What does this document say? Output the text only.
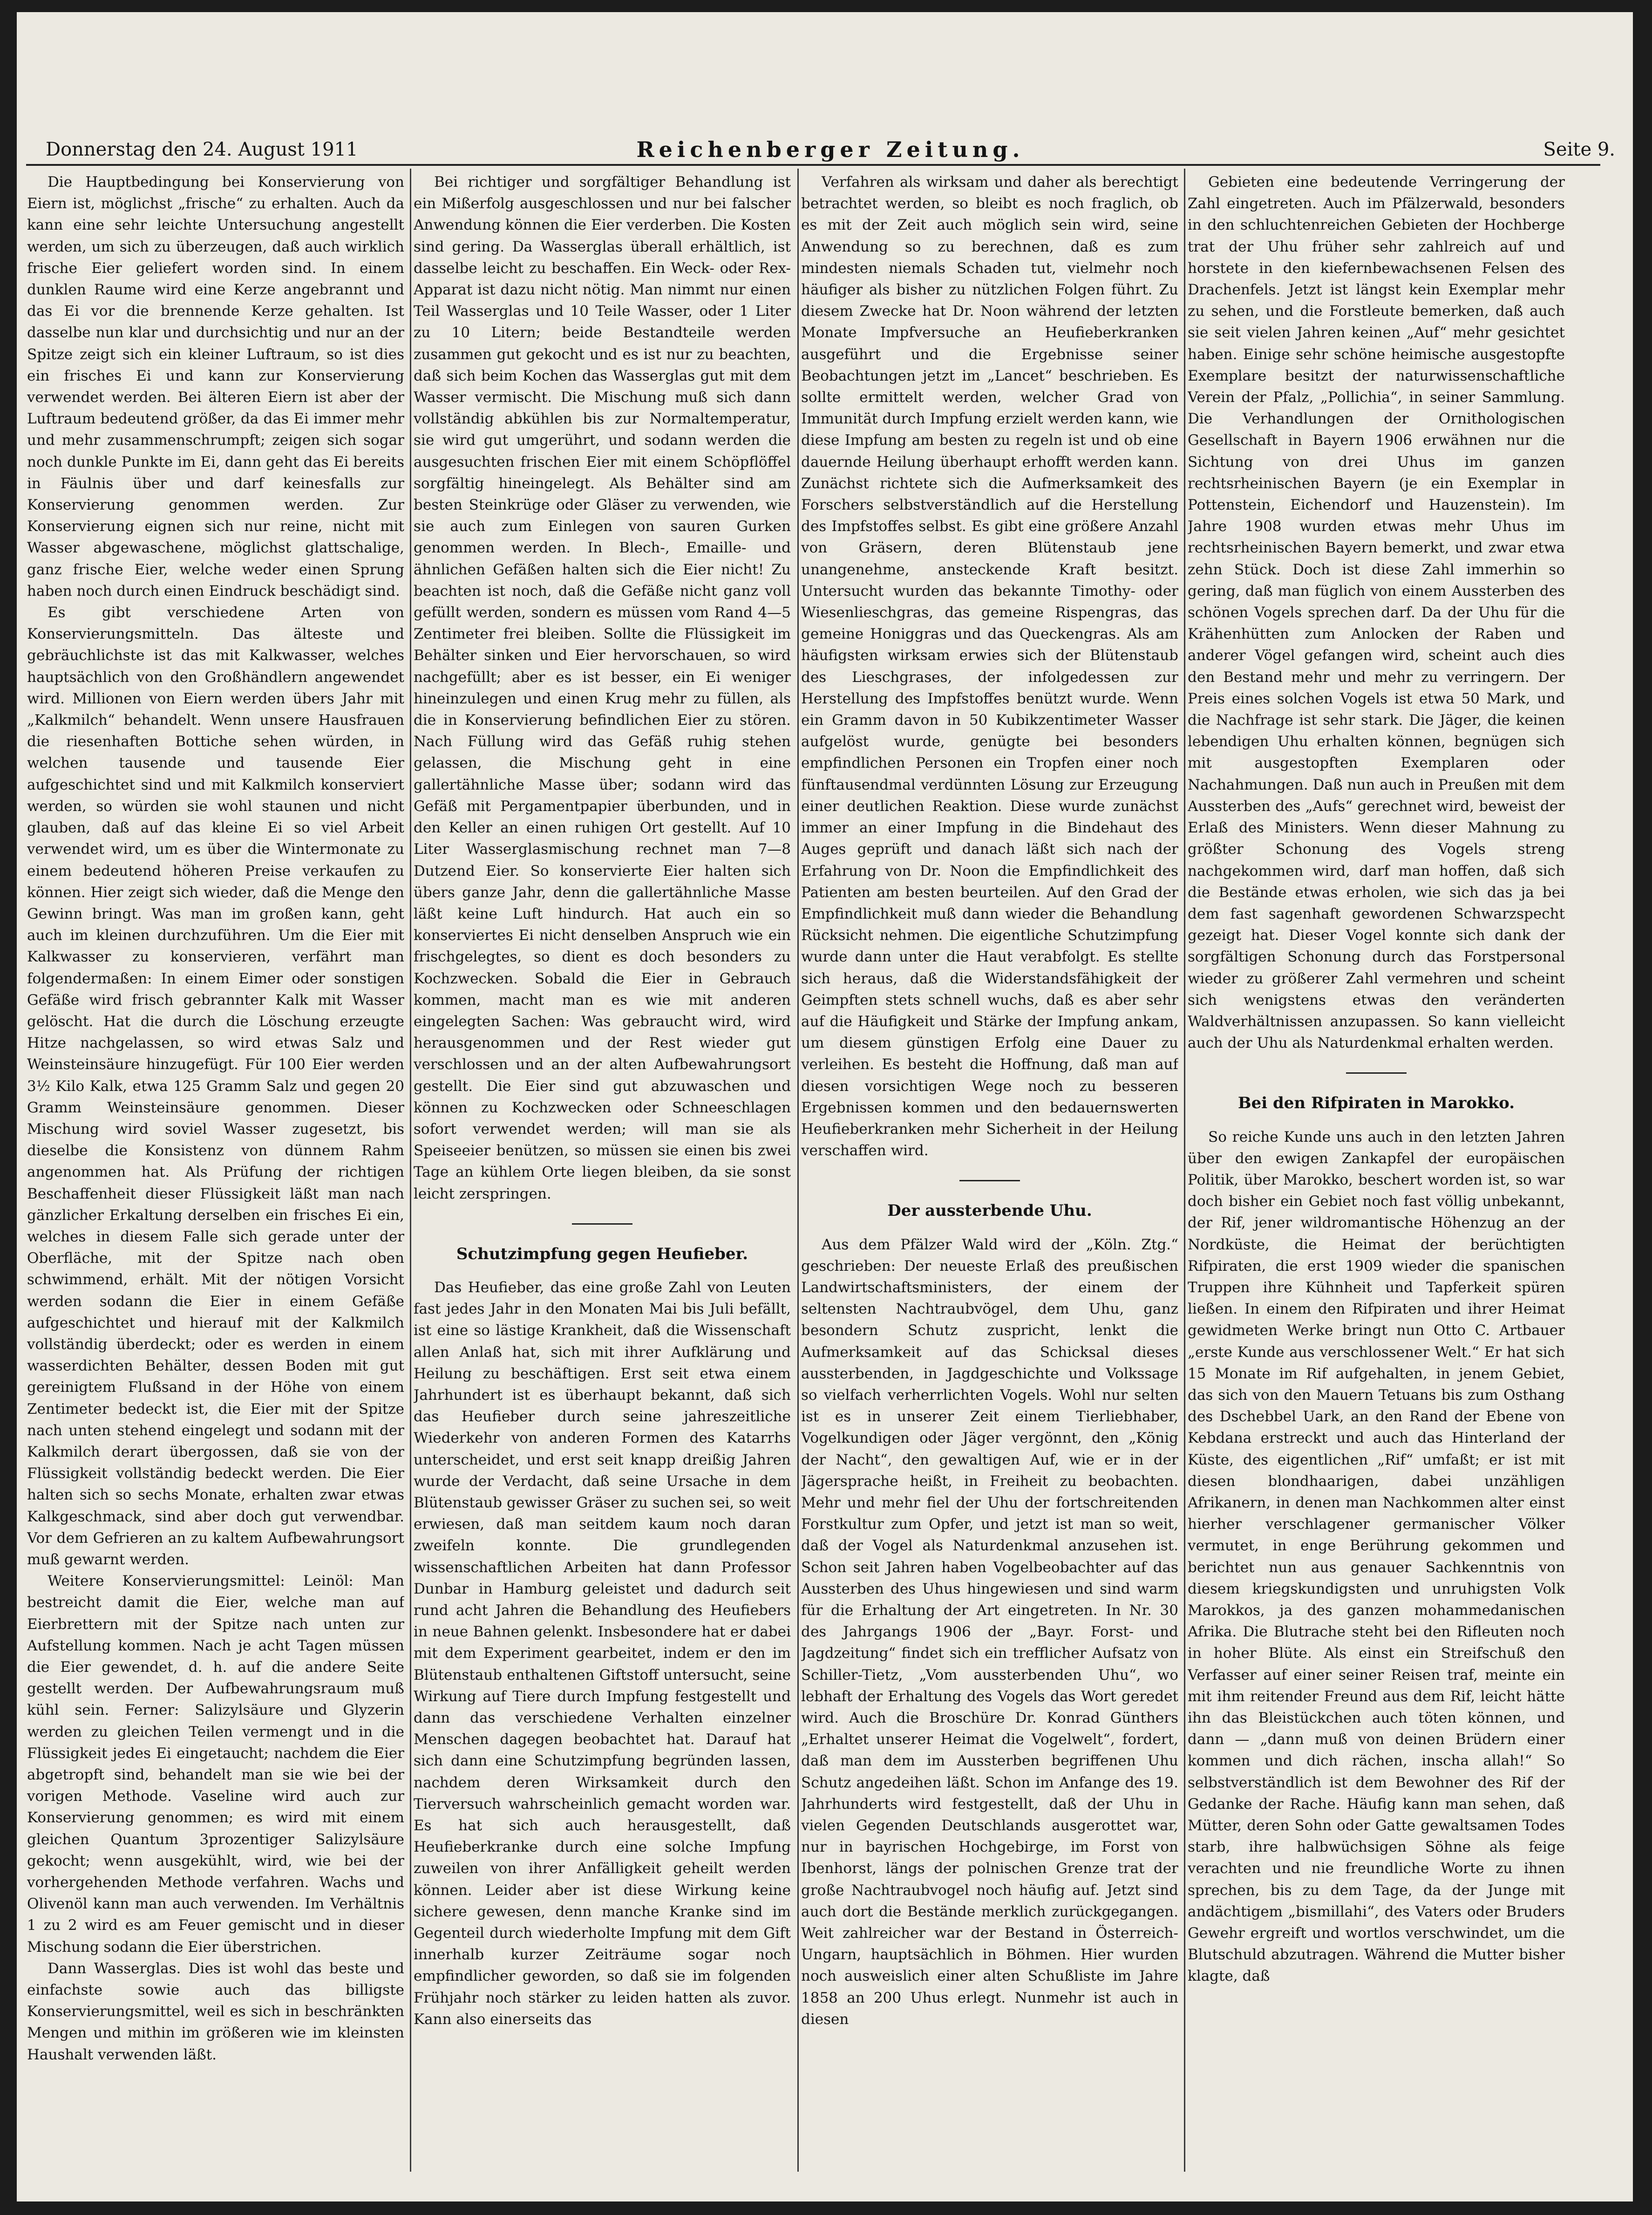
Donnerstag den 24. August 1911	Reichenberger Zeitung.	Seite 9.

Die Hauptbedingung bei Konservierung von Eiern ist, möglichst „frische“ zu erhalten. Auch da kann eine sehr leichte Untersuchung angestellt werden, um sich zu überzeugen, daß auch wirklich frische Eier geliefert worden sind. In einem dunklen Raume wird eine Kerze angebrannt und das Ei vor die brennende Kerze gehalten. Ist dasselbe nun klar und durchsichtig und nur an der Spitze zeigt sich ein kleiner Luftraum, so ist dies ein frisches Ei und kann zur Konservierung verwendet werden. Bei älteren Eiern ist aber der Luftraum bedeutend größer, da das Ei immer mehr und mehr zusammenschrumpft; zeigen sich sogar noch dunkle Punkte im Ei, dann geht das Ei bereits in Fäulnis über und darf keinesfalls zur Konservierung genommen werden. Zur Konservierung eignen sich nur reine, nicht mit Wasser abgewaschene, möglichst glattschalige, ganz frische Eier, welche weder einen Sprung haben noch durch einen Eindruck beschädigt sind.

Es gibt verschiedene Arten von Konservierungsmitteln. Das älteste und gebräuchlichste ist das mit Kalkwasser, welches hauptsächlich von den Großhändlern angewendet wird. Millionen von Eiern werden übers Jahr mit „Kalkmilch“ behandelt. Wenn unsere Hausfrauen die riesenhaften Bottiche sehen würden, in welchen tausende und tausende Eier aufgeschichtet sind und mit Kalkmilch konserviert werden, so würden sie wohl staunen und nicht glauben, daß auf das kleine Ei so viel Arbeit verwendet wird, um es über die Wintermonate zu einem bedeutend höheren Preise verkaufen zu können. Hier zeigt sich wieder, daß die Menge den Gewinn bringt. Was man im großen kann, geht auch im kleinen durchzuführen. Um die Eier mit Kalkwasser zu konservieren, verfährt man folgendermaßen: In einem Eimer oder sonstigen Gefäße wird frisch gebrannter Kalk mit Wasser gelöscht. Hat die durch die Löschung erzeugte Hitze nachgelassen, so wird etwas Salz und Weinsteinsäure hinzugefügt. Für 100 Eier werden 3½ Kilo Kalk, etwa 125 Gramm Salz und gegen 20 Gramm Weinsteinsäure genommen. Dieser Mischung wird soviel Wasser zugesetzt, bis dieselbe die Konsistenz von dünnem Rahm angenommen hat. Als Prüfung der richtigen Beschaffenheit dieser Flüssigkeit läßt man nach gänzlicher Erkaltung derselben ein frisches Ei ein, welches in diesem Falle sich gerade unter der Oberfläche, mit der Spitze nach oben schwimmend, erhält. Mit der nötigen Vorsicht werden sodann die Eier in einem Gefäße aufgeschichtet und hierauf mit der Kalkmilch vollständig überdeckt; oder es werden in einem wasserdichten Behälter, dessen Boden mit gut gereinigtem Flußsand in der Höhe von einem Zentimeter bedeckt ist, die Eier mit der Spitze nach unten stehend eingelegt und sodann mit der Kalkmilch derart übergossen, daß sie von der Flüssigkeit vollständig bedeckt werden. Die Eier halten sich so sechs Monate, erhalten zwar etwas Kalkgeschmack, sind aber doch gut verwendbar. Vor dem Gefrieren an zu kaltem Aufbewahrungsort muß gewarnt werden.

Weitere Konservierungsmittel: Leinöl: Man bestreicht damit die Eier, welche man auf Eierbrettern mit der Spitze nach unten zur Aufstellung kommen. Nach je acht Tagen müssen die Eier gewendet, d. h. auf die andere Seite gestellt werden. Der Aufbewahrungsraum muß kühl sein. Ferner: Salizylsäure und Glyzerin werden zu gleichen Teilen vermengt und in die Flüssigkeit jedes Ei eingetaucht; nachdem die Eier abgetropft sind, behandelt man sie wie bei der vorigen Methode. Vaseline wird auch zur Konservierung genommen; es wird mit einem gleichen Quantum 3prozentiger Salizylsäure gekocht; wenn ausgekühlt, wird, wie bei der vorhergehenden Methode verfahren. Wachs und Olivenöl kann man auch verwenden. Im Verhältnis 1 zu 2 wird es am Feuer gemischt und in dieser Mischung sodann die Eier überstrichen.

Dann Wasserglas. Dies ist wohl das beste und einfachste sowie auch das billigste Konservierungsmittel, weil es sich in beschränkten Mengen und mithin im größeren wie im kleinsten Haushalt verwenden läßt.

Bei richtiger und sorgfältiger Behandlung ist ein Mißerfolg ausgeschlossen und nur bei falscher Anwendung können die Eier verderben. Die Kosten sind gering. Da Wasserglas überall erhältlich, ist dasselbe leicht zu beschaffen. Ein Weck- oder Rex-Apparat ist dazu nicht nötig. Man nimmt nur einen Teil Wasserglas und 10 Teile Wasser, oder 1 Liter zu 10 Litern; beide Bestandteile werden zusammen gut gekocht und es ist nur zu beachten, daß sich beim Kochen das Wasserglas gut mit dem Wasser vermischt. Die Mischung muß sich dann vollständig abkühlen bis zur Normaltemperatur, sie wird gut umgerührt, und sodann werden die ausgesuchten frischen Eier mit einem Schöpflöffel sorgfältig hineingelegt. Als Behälter sind am besten Steinkrüge oder Gläser zu verwenden, wie sie auch zum Einlegen von sauren Gurken genommen werden. In Blech-, Emaille- und ähnlichen Gefäßen halten sich die Eier nicht! Zu beachten ist noch, daß die Gefäße nicht ganz voll gefüllt werden, sondern es müssen vom Rand 4—5 Zentimeter frei bleiben. Sollte die Flüssigkeit im Behälter sinken und Eier hervorschauen, so wird nachgefüllt; aber es ist besser, ein Ei weniger hineinzulegen und einen Krug mehr zu füllen, als die in Konservierung befindlichen Eier zu stören. Nach Füllung wird das Gefäß ruhig stehen gelassen, die Mischung geht in eine gallertähnliche Masse über; sodann wird das Gefäß mit Pergamentpapier überbunden, und in den Keller an einen ruhigen Ort gestellt. Auf 10 Liter Wasserglasmischung rechnet man 7—8 Dutzend Eier. So konservierte Eier halten sich übers ganze Jahr, denn die gallertähnliche Masse läßt keine Luft hindurch. Hat auch ein so konserviertes Ei nicht denselben Anspruch wie ein frischgelegtes, so dient es doch besonders zu Kochzwecken. Sobald die Eier in Gebrauch kommen, macht man es wie mit anderen eingelegten Sachen: Was gebraucht wird, wird herausgenommen und der Rest wieder gut verschlossen und an der alten Aufbewahrungsort gestellt. Die Eier sind gut abzuwaschen und können zu Kochzwecken oder Schneeschlagen sofort verwendet werden; will man sie als Speiseeier benützen, so müssen sie einen bis zwei Tage an kühlem Orte liegen bleiben, da sie sonst leicht zerspringen.

Schutzimpfung gegen Heufieber.

Das Heufieber, das eine große Zahl von Leuten fast jedes Jahr in den Monaten Mai bis Juli befällt, ist eine so lästige Krankheit, daß die Wissenschaft allen Anlaß hat, sich mit ihrer Aufklärung und Heilung zu beschäftigen. Erst seit etwa einem Jahrhundert ist es überhaupt bekannt, daß sich das Heufieber durch seine jahreszeitliche Wiederkehr von anderen Formen des Katarrhs unterscheidet, und erst seit knapp dreißig Jahren wurde der Verdacht, daß seine Ursache in dem Blütenstaub gewisser Gräser zu suchen sei, so weit erwiesen, daß man seitdem kaum noch daran zweifeln konnte. Die grundlegenden wissenschaftlichen Arbeiten hat dann Professor Dunbar in Hamburg geleistet und dadurch seit rund acht Jahren die Behandlung des Heufiebers in neue Bahnen gelenkt. Insbesondere hat er dabei mit dem Experiment gearbeitet, indem er den im Blütenstaub enthaltenen Giftstoff untersucht, seine Wirkung auf Tiere durch Impfung festgestellt und dann das verschiedene Verhalten einzelner Menschen dagegen beobachtet hat. Darauf hat sich dann eine Schutzimpfung begründen lassen, nachdem deren Wirksamkeit durch den Tierversuch wahrscheinlich gemacht worden war. Es hat sich auch herausgestellt, daß Heufieberkranke durch eine solche Impfung zuweilen von ihrer Anfälligkeit geheilt werden können. Leider aber ist diese Wirkung keine sichere gewesen, denn manche Kranke sind im Gegenteil durch wiederholte Impfung mit dem Gift innerhalb kurzer Zeiträume sogar noch empfindlicher geworden, so daß sie im folgenden Frühjahr noch stärker zu leiden hatten als zuvor. Kann also einerseits das

Verfahren als wirksam und daher als berechtigt betrachtet werden, so bleibt es noch fraglich, ob es mit der Zeit auch möglich sein wird, seine Anwendung so zu berechnen, daß es zum mindesten niemals Schaden tut, vielmehr noch häufiger als bisher zu nützlichen Folgen führt. Zu diesem Zwecke hat Dr. Noon während der letzten Monate Impfversuche an Heufieberkranken ausgeführt und die Ergebnisse seiner Beobachtungen jetzt im „Lancet“ beschrieben. Es sollte ermittelt werden, welcher Grad von Immunität durch Impfung erzielt werden kann, wie diese Impfung am besten zu regeln ist und ob eine dauernde Heilung überhaupt erhofft werden kann. Zunächst richtete sich die Aufmerksamkeit des Forschers selbstverständlich auf die Herstellung des Impfstoffes selbst. Es gibt eine größere Anzahl von Gräsern, deren Blütenstaub jene unangenehme, ansteckende Kraft besitzt. Untersucht wurden das bekannte Timothy- oder Wiesenlieschgras, das gemeine Rispengras, das gemeine Honiggras und das Queckengras. Als am häufigsten wirksam erwies sich der Blütenstaub des Lieschgrases, der infolgedessen zur Herstellung des Impfstoffes benützt wurde. Wenn ein Gramm davon in 50 Kubikzentimeter Wasser aufgelöst wurde, genügte bei besonders empfindlichen Personen ein Tropfen einer noch fünftausendmal verdünnten Lösung zur Erzeugung einer deutlichen Reaktion. Diese wurde zunächst immer an einer Impfung in die Bindehaut des Auges geprüft und danach läßt sich nach der Erfahrung von Dr. Noon die Empfindlichkeit des Patienten am besten beurteilen. Auf den Grad der Empfindlichkeit muß dann wieder die Behandlung Rücksicht nehmen. Die eigentliche Schutzimpfung wurde dann unter die Haut verabfolgt. Es stellte sich heraus, daß die Widerstandsfähigkeit der Geimpften stets schnell wuchs, daß es aber sehr auf die Häufigkeit und Stärke der Impfung ankam, um diesem günstigen Erfolg eine Dauer zu verleihen. Es besteht die Hoffnung, daß man auf diesen vorsichtigen Wege noch zu besseren Ergebnissen kommen und den bedauernswerten Heufieberkranken mehr Sicherheit in der Heilung verschaffen wird.

Der aussterbende Uhu.

Aus dem Pfälzer Wald wird der „Köln. Ztg.“ geschrieben: Der neueste Erlaß des preußischen Landwirtschaftsministers, der einem der seltensten Nachtraubvögel, dem Uhu, ganz besondern Schutz zuspricht, lenkt die Aufmerksamkeit auf das Schicksal dieses aussterbenden, in Jagdgeschichte und Volkssage so vielfach verherrlichten Vogels. Wohl nur selten ist es in unserer Zeit einem Tierliebhaber, Vogelkundigen oder Jäger vergönnt, den „König der Nacht“, den gewaltigen Auf, wie er in der Jägersprache heißt, in Freiheit zu beobachten. Mehr und mehr fiel der Uhu der fortschreitenden Forstkultur zum Opfer, und jetzt ist man so weit, daß der Vogel als Naturdenkmal anzusehen ist. Schon seit Jahren haben Vogelbeobachter auf das Aussterben des Uhus hingewiesen und sind warm für die Erhaltung der Art eingetreten. In Nr. 30 des Jahrgangs 1906 der „Bayr. Forst- und Jagdzeitung“ findet sich ein trefflicher Aufsatz von Schiller-Tietz, „Vom aussterbenden Uhu“, wo lebhaft der Erhaltung des Vogels das Wort geredet wird. Auch die Broschüre Dr. Konrad Günthers „Erhaltet unserer Heimat die Vogelwelt“, fordert, daß man dem im Aussterben begriffenen Uhu Schutz angedeihen läßt. Schon im Anfange des 19. Jahrhunderts wird festgestellt, daß der Uhu in vielen Gegenden Deutschlands ausgerottet war, nur in bayrischen Hochgebirge, im Forst von Ibenhorst, längs der polnischen Grenze trat der große Nachtraubvogel noch häufig auf. Jetzt sind auch dort die Bestände merklich zurückgegangen. Weit zahlreicher war der Bestand in Österreich-Ungarn, hauptsächlich in Böhmen. Hier wurden noch ausweislich einer alten Schußliste im Jahre 1858 an 200 Uhus erlegt. Nunmehr ist auch in diesen

Gebieten eine bedeutende Verringerung der Zahl eingetreten. Auch im Pfälzerwald, besonders in den schluchtenreichen Gebieten der Hochberge trat der Uhu früher sehr zahlreich auf und horstete in den kiefernbewachsenen Felsen des Drachenfels. Jetzt ist längst kein Exemplar mehr zu sehen, und die Forstleute bemerken, daß auch sie seit vielen Jahren keinen „Auf“ mehr gesichtet haben. Einige sehr schöne heimische ausgestopfte Exemplare besitzt der naturwissenschaftliche Verein der Pfalz, „Pollichia“, in seiner Sammlung. Die Verhandlungen der Ornithologischen Gesellschaft in Bayern 1906 erwähnen nur die Sichtung von drei Uhus im ganzen rechtsrheinischen Bayern (je ein Exemplar in Pottenstein, Eichendorf und Hauzenstein). Im Jahre 1908 wurden etwas mehr Uhus im rechtsrheinischen Bayern bemerkt, und zwar etwa zehn Stück. Doch ist diese Zahl immerhin so gering, daß man füglich von einem Aussterben des schönen Vogels sprechen darf. Da der Uhu für die Krähenhütten zum Anlocken der Raben und anderer Vögel gefangen wird, scheint auch dies den Bestand mehr und mehr zu verringern. Der Preis eines solchen Vogels ist etwa 50 Mark, und die Nachfrage ist sehr stark. Die Jäger, die keinen lebendigen Uhu erhalten können, begnügen sich mit ausgestopften Exemplaren oder Nachahmungen. Daß nun auch in Preußen mit dem Aussterben des „Aufs“ gerechnet wird, beweist der Erlaß des Ministers. Wenn dieser Mahnung zu größter Schonung des Vogels streng nachgekommen wird, darf man hoffen, daß sich die Bestände etwas erholen, wie sich das ja bei dem fast sagenhaft gewordenen Schwarzspecht gezeigt hat. Dieser Vogel konnte sich dank der sorgfältigen Schonung durch das Forstpersonal wieder zu größerer Zahl vermehren und scheint sich wenigstens etwas den veränderten Waldverhältnissen anzupassen. So kann vielleicht auch der Uhu als Naturdenkmal erhalten werden.

Bei den Rifpiraten in Marokko.

So reiche Kunde uns auch in den letzten Jahren über den ewigen Zankapfel der europäischen Politik, über Marokko, beschert worden ist, so war doch bisher ein Gebiet noch fast völlig unbekannt, der Rif, jener wildromantische Höhenzug an der Nordküste, die Heimat der berüchtigten Rifpiraten, die erst 1909 wieder die spanischen Truppen ihre Kühnheit und Tapferkeit spüren ließen. In einem den Rifpiraten und ihrer Heimat gewidmeten Werke bringt nun Otto C. Artbauer „erste Kunde aus verschlossener Welt.“ Er hat sich 15 Monate im Rif aufgehalten, in jenem Gebiet, das sich von den Mauern Tetuans bis zum Osthang des Dschebbel Uark, an den Rand der Ebene von Kebdana erstreckt und auch das Hinterland der Küste, des eigentlichen „Rif“ umfaßt; er ist mit diesen blondhaarigen, dabei unzähligen Afrikanern, in denen man Nachkommen alter einst hierher verschlagener germanischer Völker vermutet, in enge Berührung gekommen und berichtet nun aus genauer Sachkenntnis von diesem kriegskundigsten und unruhigsten Volk Marokkos, ja des ganzen mohammedanischen Afrika. Die Blutrache steht bei den Rifleuten noch in hoher Blüte. Als einst ein Streifschuß den Verfasser auf einer seiner Reisen traf, meinte ein mit ihm reitender Freund aus dem Rif, leicht hätte ihn das Bleistückchen auch töten können, und dann — „dann muß von deinen Brüdern einer kommen und dich rächen, inscha allah!“ So selbstverständlich ist dem Bewohner des Rif der Gedanke der Rache. Häufig kann man sehen, daß Mütter, deren Sohn oder Gatte gewaltsamen Todes starb, ihre halbwüchsigen Söhne als feige verachten und nie freundliche Worte zu ihnen sprechen, bis zu dem Tage, da der Junge mit andächtigem „bismillahi“, des Vaters oder Bruders Gewehr ergreift und wortlos verschwindet, um die Blutschuld abzutragen. Während die Mutter bisher klagte, daß
